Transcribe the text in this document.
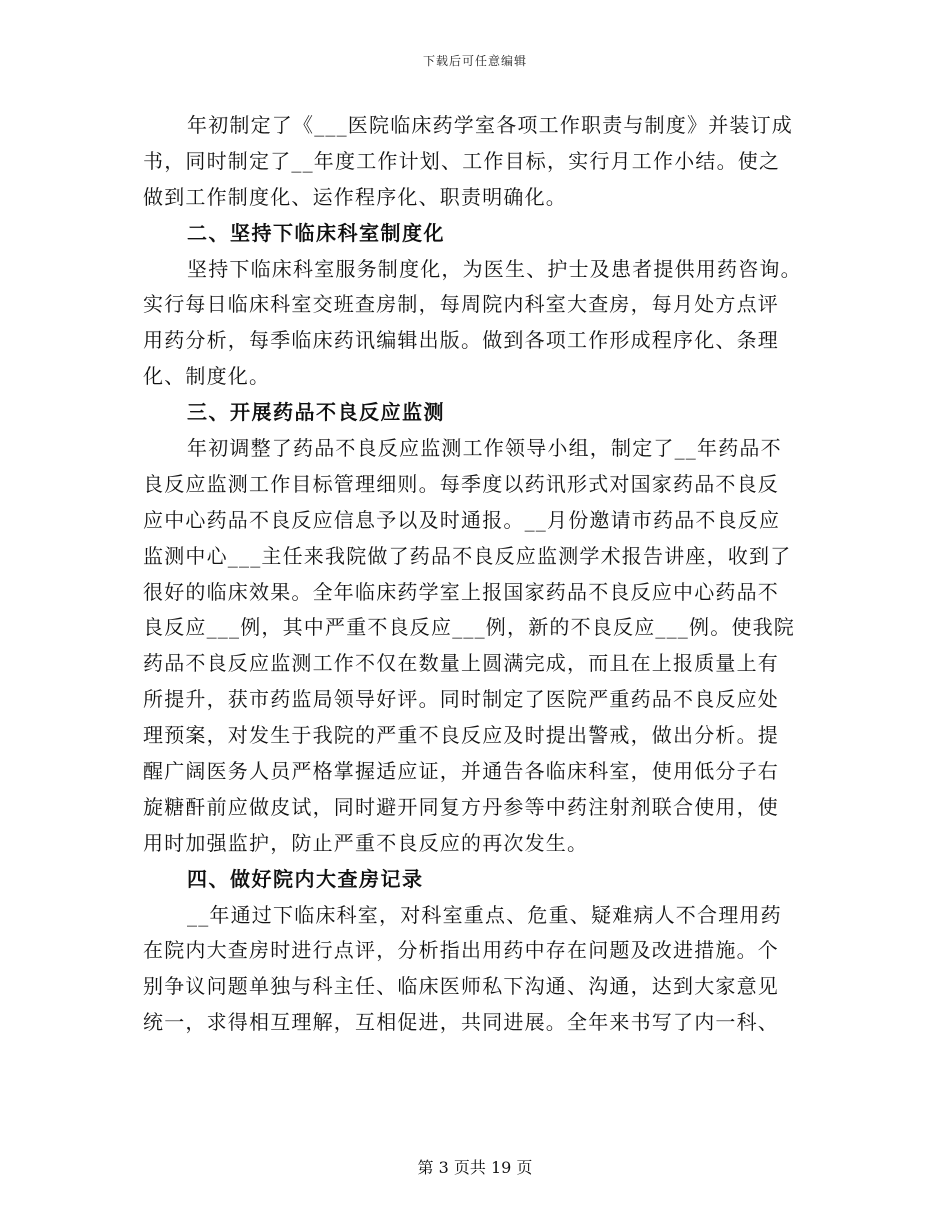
下载后可任意编辑
年初制定了《___医院临床药学室各项工作职责与制度》并装订成
书，同时制定了__年度工作计划、工作目标，实行月工作小结。使之
做到工作制度化、运作程序化、职责明确化。
二、坚持下临床科室制度化
坚持下临床科室服务制度化，为医生、护士及患者提供用药咨询。
实行每日临床科室交班查房制，每周院内科室大查房，每月处方点评
用药分析，每季临床药讯编辑出版。做到各项工作形成程序化、条理
化、制度化。
三、开展药品不良反应监测
年初调整了药品不良反应监测工作领导小组，制定了__年药品不
良反应监测工作目标管理细则。每季度以药讯形式对国家药品不良反
应中心药品不良反应信息予以及时通报。__月份邀请市药品不良反应
监测中心___主任来我院做了药品不良反应监测学术报告讲座，收到了
很好的临床效果。全年临床药学室上报国家药品不良反应中心药品不
良反应___例，其中严重不良反应___例，新的不良反应___例。使我院
药品不良反应监测工作不仅在数量上圆满完成，而且在上报质量上有
所提升，获市药监局领导好评。同时制定了医院严重药品不良反应处
理预案，对发生于我院的严重不良反应及时提出警戒，做出分析。提
醒广阔医务人员严格掌握适应证，并通告各临床科室，使用低分子右
旋糖酐前应做皮试，同时避开同复方丹参等中药注射剂联合使用，使
用时加强监护，防止严重不良反应的再次发生。
四、做好院内大查房记录
__年通过下临床科室，对科室重点、危重、疑难病人不合理用药
在院内大查房时进行点评，分析指出用药中存在问题及改进措施。个
别争议问题单独与科主任、临床医师私下沟通、沟通，达到大家意见
统一，求得相互理解，互相促进，共同进展。全年来书写了内一科、
第 3 页共 19 页
